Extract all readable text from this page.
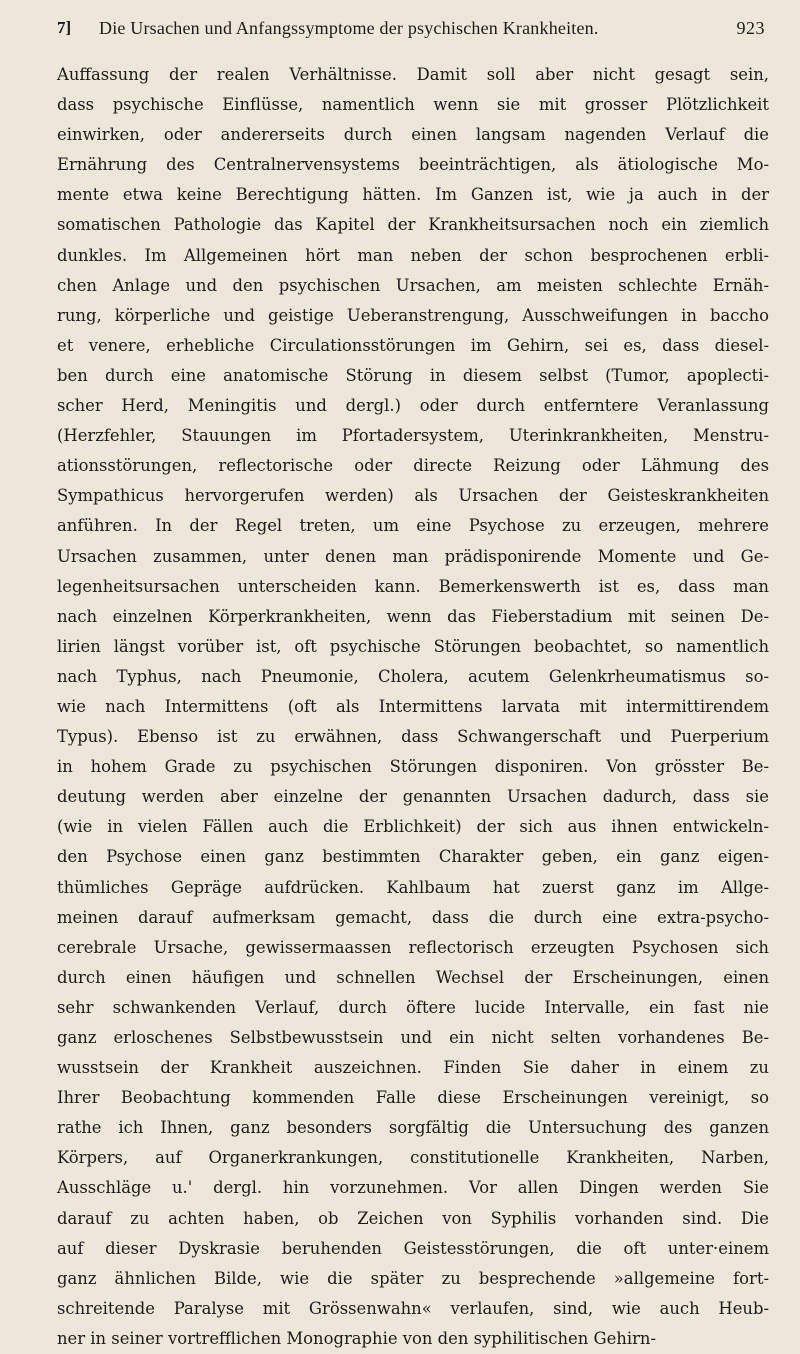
7] Die Ursachen und Anfangssymptome der psychischen Krankheiten.	923
Auffassung der realen Verhältnisse. Damit soll aber nicht gesagt sein,
dass psychische Einflüsse, namentlich wenn sie mit grosser Plötzlichkeit
einwirken, oder andererseits durch einen langsam nagenden Verlauf die
Ernährung des Centralnervensystems beeinträchtigen, als ätiologische Mo-
mente etwa keine Berechtigung hätten. Im Ganzen ist, wie ja auch in der
somatischen Pathologie das Kapitel der Krankheitsursachen noch ein ziemlich
dunkles. Im Allgemeinen hört man neben der schon besprochenen erbli-
chen Anlage und den psychischen Ursachen, am meisten schlechte Ernäh-
rung, körperliche und geistige Ueberanstrengung, Ausschweifungen in baccho
et venere, erhebliche Circulationsstörungen im Gehirn, sei es, dass diesel-
ben durch eine anatomische Störung in diesem selbst (Tumor, apoplecti-
scher Herd, Meningitis und dergl.) oder durch entferntere Veranlassung
(Herzfehler, Stauungen im Pfortadersystem, Uterinkrankheiten, Menstru-
ationsstörungen, reflectorische oder directe Reizung oder Lähmung des
Sympathicus hervorgerufen werden) als Ursachen der Geisteskrankheiten
anführen. In der Regel treten, um eine Psychose zu erzeugen, mehrere
Ursachen zusammen, unter denen man prädisponirende Momente und Ge-
legenheitsursachen unterscheiden kann. Bemerkenswerth ist es, dass man
nach einzelnen Körperkrankheiten, wenn das Fieberstadium mit seinen De-
lirien längst vorüber ist, oft psychische Störungen beobachtet, so namentlich
nach Typhus, nach Pneumonie, Cholera, acutem Gelenkrheumatismus so-
wie nach Intermittens (oft als Intermittens larvata mit intermittirendem
Typus). Ebenso ist zu erwähnen, dass Schwangerschaft und Puerperium
in hohem Grade zu psychischen Störungen disponiren. Von grösster Be-
deutung werden aber einzelne der genannten Ursachen dadurch, dass sie
(wie in vielen Fällen auch die Erblichkeit) der sich aus ihnen entwickeln-
den Psychose einen ganz bestimmten Charakter geben, ein ganz eigen-
thümliches Gepräge aufdrücken. Kahlbaum hat zuerst ganz im Allge-
meinen darauf aufmerksam gemacht, dass die durch eine extra-psycho-
cerebrale Ursache, gewissermaassen reflectorisch erzeugten Psychosen sich
durch einen häufigen und schnellen Wechsel der Erscheinungen, einen
sehr schwankenden Verlauf, durch öftere lucide Intervalle, ein fast nie
ganz erloschenes Selbstbewusstsein und ein nicht selten vorhandenes Be-
wusstsein der Krankheit auszeichnen. Finden Sie daher in einem zu
Ihrer Beobachtung kommenden Falle diese Erscheinungen vereinigt, so
rathe ich Ihnen, ganz besonders sorgfältig die Untersuchung des ganzen
Körpers, auf Organerkrankungen, constitutionelle Krankheiten, Narben,
Ausschläge u.' dergl. hin vorzunehmen. Vor allen Dingen werden Sie
darauf zu achten haben, ob Zeichen von Syphilis vorhanden sind. Die
auf dieser Dyskrasie beruhenden Geistesstörungen, die oft unter·einem
ganz ähnlichen Bilde, wie die später zu besprechende »allgemeine fort-
schreitende Paralyse mit Grössenwahn« verlaufen, sind, wie auch Heub-
ner in seiner vortrefflichen Monographie von den syphilitischen Gehirn-
